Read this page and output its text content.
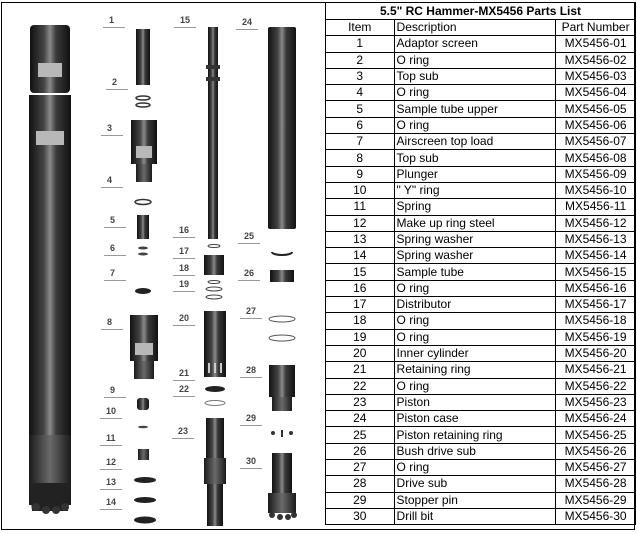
1
2
3
4
5
6
7
8
9
10
11
12
13
14
15
16
17
18
19
20
21
22
23
24
25
26
27
28
29
30
5.5" RC Hammer-MX5456 Parts List		
Item	Description	Part Number
1	Adaptor screen	MX5456-01
2	O ring	MX5456-02
3	Top sub	MX5456-03
4	O ring	MX5456-04
5	Sample tube upper	MX5456-05
6	O ring	MX5456-06
7	Airscreen top load	MX5456-07
8	Top sub	MX5456-08
9	Plunger	MX5456-09
10	" Y" ring	MX5456-10
11	Spring	MX5456-11
12	Make up ring steel	MX5456-12
13	Spring washer	MX5456-13
14	Spring washer	MX5456-14
15	Sample tube	MX5456-15
16	O ring	MX5456-16
17	Distributor	MX5456-17
18	O ring	MX5456-18
19	O ring	MX5456-19
20	Inner cylinder	MX5456-20
21	Retaining ring	MX5456-21
22	O ring	MX5456-22
23	Piston	MX5456-23
24	Piston case	MX5456-24
25	Piston retaining ring	MX5456-25
26	Bush drive sub	MX5456-26
27	O ring	MX5456-27
28	Drive sub	MX5456-28
29	Stopper pin	MX5456-29
30	Drill bit	MX5456-30
